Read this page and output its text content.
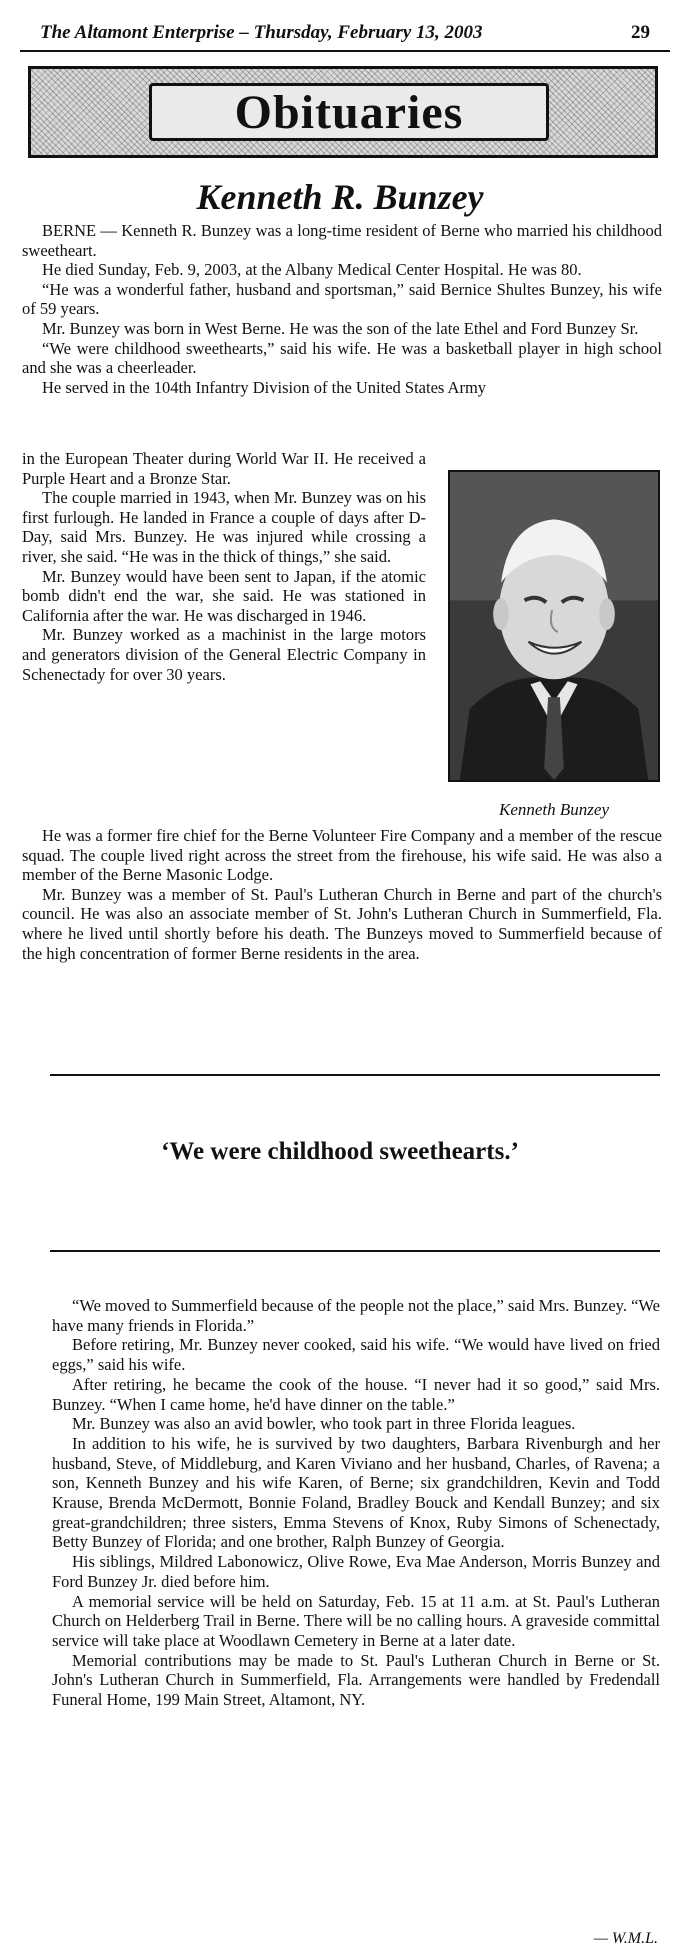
The Altamont Enterprise – Thursday, February 13, 2003	29
Obituaries
Kenneth R. Bunzey

BERNE — Kenneth R. Bunzey was a long-time resident of Berne who married his childhood sweetheart.

He died Sunday, Feb. 9, 2003, at the Albany Medical Center Hospital. He was 80.

“He was a wonderful father, husband and sportsman,” said Bernice Shultes Bunzey, his wife of 59 years.

Mr. Bunzey was born in West Berne. He was the son of the late Ethel and Ford Bunzey Sr.

“We were childhood sweethearts,” said his wife. He was a basketball player in high school and she was a cheerleader.

He served in the 104th Infantry Division of the United States Army

in the European Theater during World War II. He received a Purple Heart and a Bronze Star.

The couple married in 1943, when Mr. Bunzey was on his first furlough. He landed in France a couple of days after D-Day, said Mrs. Bunzey. He was injured while crossing a river, she said. “He was in the thick of things,” she said.

Mr. Bunzey would have been sent to Japan, if the atomic bomb didn't end the war, she said. He was stationed in California after the war. He was discharged in 1946.

Mr. Bunzey worked as a machinist in the large motors and generators division of the General Electric Company in Schenectady for over 30 years.

Kenneth Bunzey

He was a former fire chief for the Berne Volunteer Fire Company and a member of the rescue squad. The couple lived right across the street from the firehouse, his wife said. He was also a member of the Berne Masonic Lodge.

Mr. Bunzey was a member of St. Paul's Lutheran Church in Berne and part of the church's council. He was also an associate member of St. John's Lutheran Church in Summerfield, Fla. where he lived until shortly before his death. The Bunzeys moved to Summerfield because of the high concentration of former Berne residents in the area.

‘We were childhood sweethearts.’

“We moved to Summerfield because of the people not the place,” said Mrs. Bunzey. “We have many friends in Florida.”

Before retiring, Mr. Bunzey never cooked, said his wife. “We would have lived on fried eggs,” said his wife.

After retiring, he became the cook of the house. “I never had it so good,” said Mrs. Bunzey. “When I came home, he'd have dinner on the table.”

Mr. Bunzey was also an avid bowler, who took part in three Florida leagues.

In addition to his wife, he is survived by two daughters, Barbara Rivenburgh and her husband, Steve, of Middleburg, and Karen Viviano and her husband, Charles, of Ravena; a son, Kenneth Bunzey and his wife Karen, of Berne; six grandchildren, Kevin and Todd Krause, Brenda McDermott, Bonnie Foland, Bradley Bouck and Kendall Bunzey; and six great-grandchildren; three sisters, Emma Stevens of Knox, Ruby Simons of Schenectady, Betty Bunzey of Florida; and one brother, Ralph Bunzey of Georgia.

His siblings, Mildred Labonowicz, Olive Rowe, Eva Mae Anderson, Morris Bunzey and Ford Bunzey Jr. died before him.

A memorial service will be held on Saturday, Feb. 15 at 11 a.m. at St. Paul's Lutheran Church on Helderberg Trail in Berne. There will be no calling hours. A graveside committal service will take place at Woodlawn Cemetery in Berne at a later date.

Memorial contributions may be made to St. Paul's Lutheran Church in Berne or St. John's Lutheran Church in Summerfield, Fla. Arrangements were handled by Fredendall Funeral Home, 199 Main Street, Altamont, NY.

— W.M.L.
